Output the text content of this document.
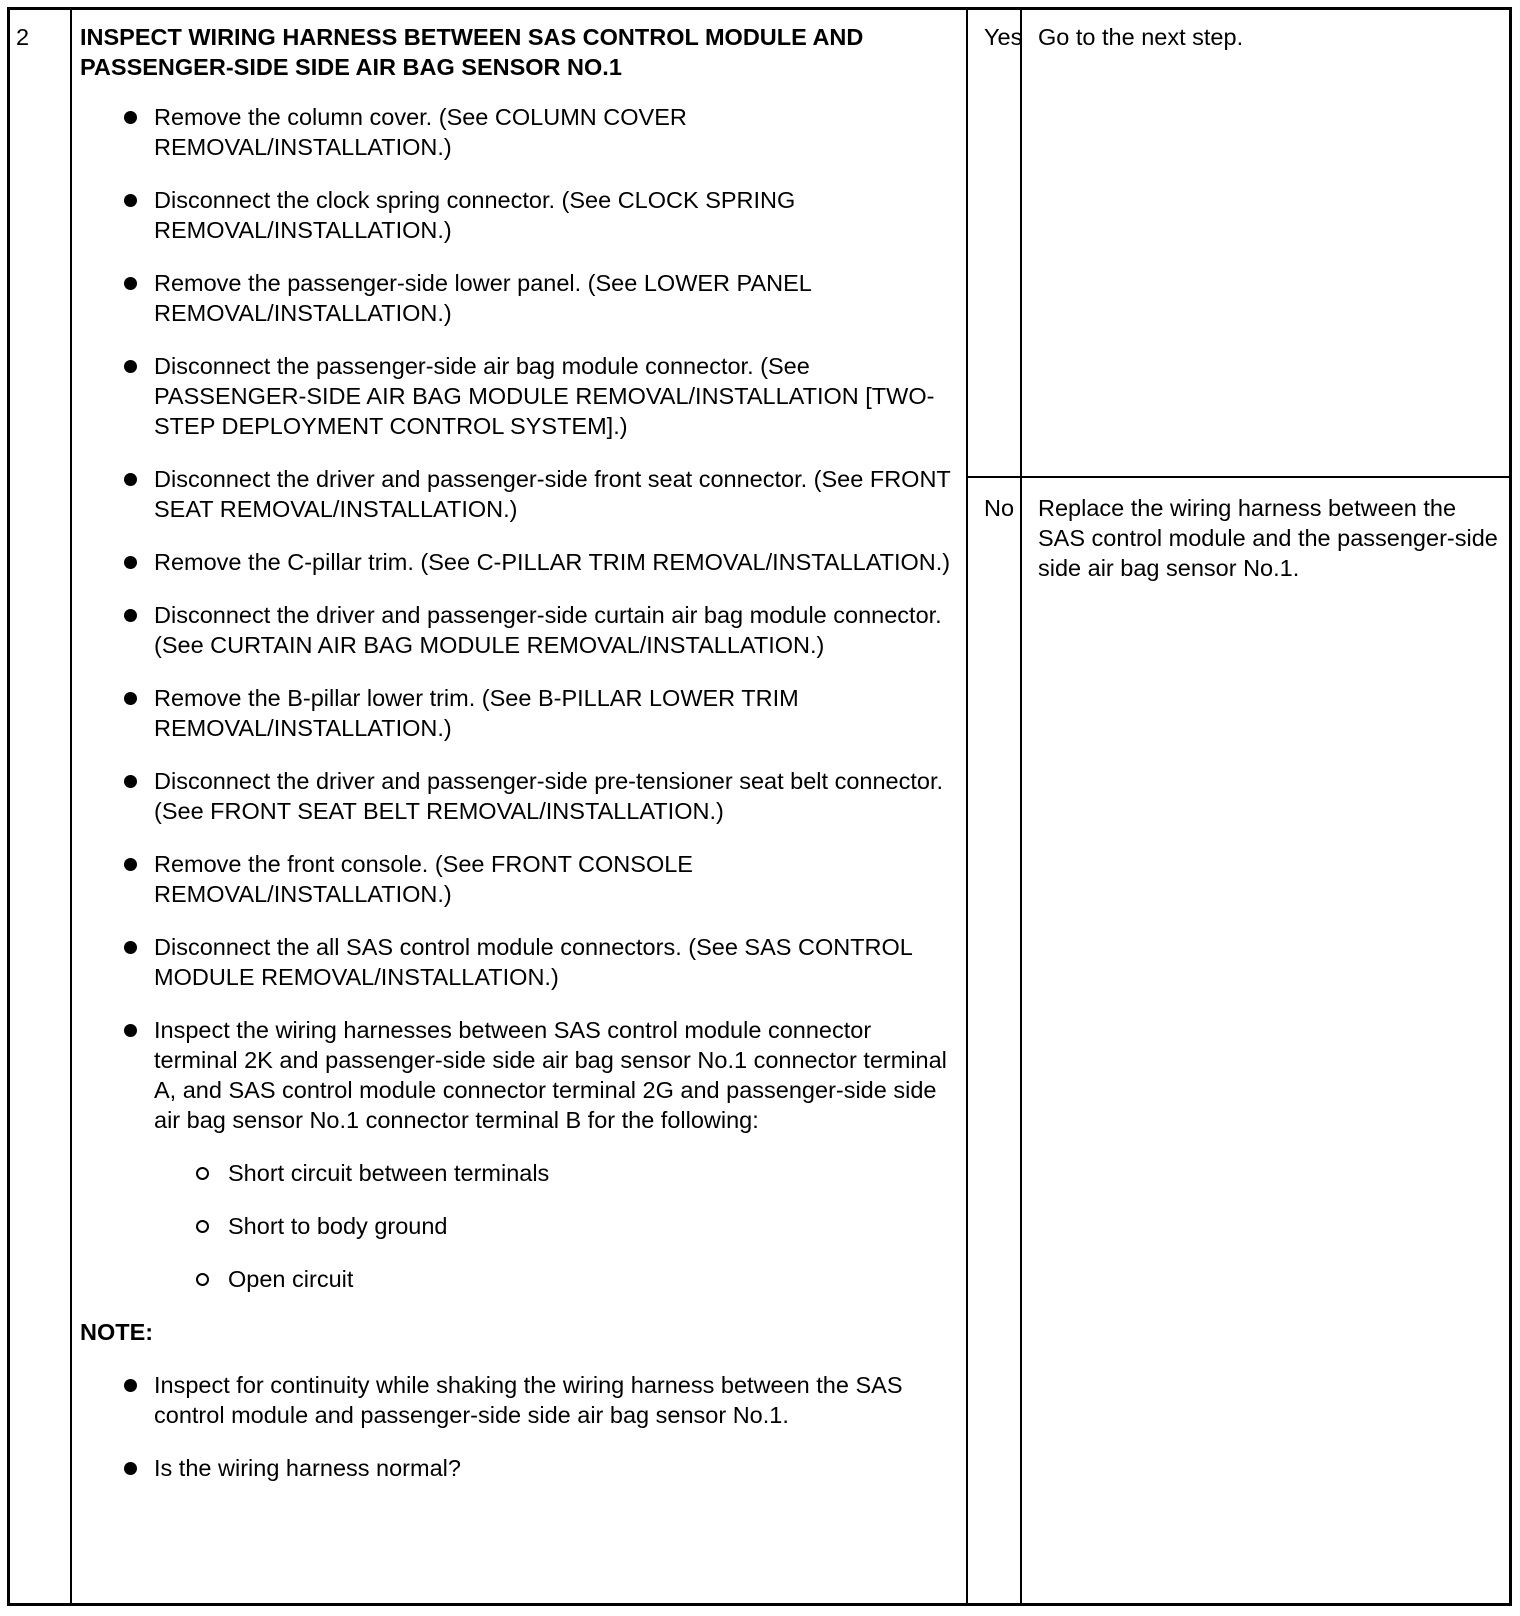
2 INSPECT WIRING HARNESS BETWEEN SAS CONTROL MODULE AND PASSENGER-SIDE SIDE AIR BAG SENSOR NO.1
Remove the column cover. (See COLUMN COVER REMOVAL/INSTALLATION.)
Disconnect the clock spring connector. (See CLOCK SPRING REMOVAL/INSTALLATION.)
Remove the passenger-side lower panel. (See LOWER PANEL REMOVAL/INSTALLATION.)
Disconnect the passenger-side air bag module connector. (See PASSENGER-SIDE AIR BAG MODULE REMOVAL/INSTALLATION [TWO-STEP DEPLOYMENT CONTROL SYSTEM].)
Disconnect the driver and passenger-side front seat connector. (See FRONT SEAT REMOVAL/INSTALLATION.)
Remove the C-pillar trim. (See C-PILLAR TRIM REMOVAL/INSTALLATION.)
Disconnect the driver and passenger-side curtain air bag module connector. (See CURTAIN AIR BAG MODULE REMOVAL/INSTALLATION.)
Remove the B-pillar lower trim. (See B-PILLAR LOWER TRIM REMOVAL/INSTALLATION.)
Disconnect the driver and passenger-side pre-tensioner seat belt connector. (See FRONT SEAT BELT REMOVAL/INSTALLATION.)
Remove the front console. (See FRONT CONSOLE REMOVAL/INSTALLATION.)
Disconnect the all SAS control module connectors. (See SAS CONTROL MODULE REMOVAL/INSTALLATION.)
Inspect the wiring harnesses between SAS control module connector terminal 2K and passenger-side side air bag sensor No.1 connector terminal A, and SAS control module connector terminal 2G and passenger-side side air bag sensor No.1 connector terminal B for the following:
Short circuit between terminals
Short to body ground
Open circuit
NOTE:
Inspect for continuity while shaking the wiring harness between the SAS control module and passenger-side side air bag sensor No.1.
Is the wiring harness normal?
Yes Go to the next step.
No Replace the wiring harness between the SAS control module and the passenger-side side air bag sensor No.1.
